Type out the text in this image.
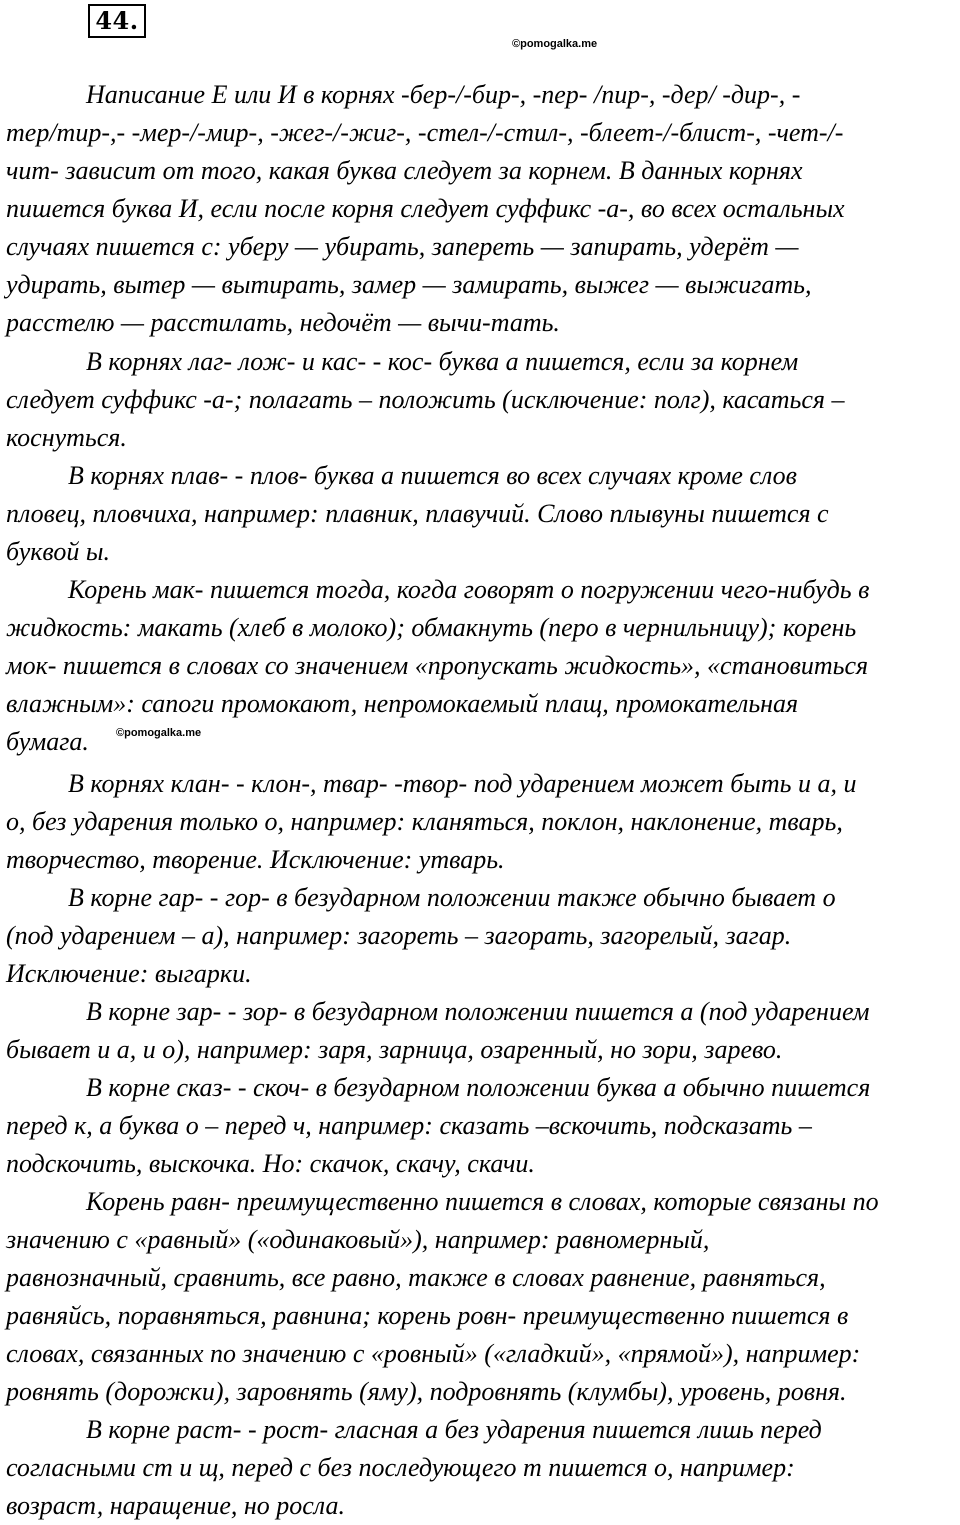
44.
©pomogalka.me

Написание Е или И в корнях -бер-/-бир-, -пер- /пир-, -дер/ -дир-, -
тер/тир-,- -мер-/-мир-, -жег-/-жиг-, -стел-/-стил-, -блеет-/-блист-, -чет-/-
чит- зависит от того, какая буква следует за корнем. В данных корнях
пишется буква И, если после корня следует суффикс -а-, во всех остальных
случаях пишется с: уберу — убирать, запереть — запирать, удерёт —
удирать, вытер — вытирать, замер — замирать, выжег — выжигать,
расстелю — расстилать, недочёт — вычи-тать.

В корнях лаг- лож- и кас- - кос- буква а пишется, если за корнем
следует суффикс -а-; полагать – положить (исключение: полг), касаться –
коснуться.

В корнях плав- - плов- буква а пишется во всех случаях кроме слов
пловец, пловчиха, например: плавник, плавучий. Слово плывуны пишется с
буквой ы.

Корень мак- пишется тогда, когда говорят о погружении чего-нибудь в
жидкость: макать (хлеб в молоко); обмакнуть (перо в чернильницу); корень
мок- пишется в словах со значением «пропускать жидкость», «становиться
влажным»: сапоги промокают, непромокаемый плащ, промокательная
бумага.	©pomogalka.me

В корнях клан- - клон-, твар- -твор- под ударением может быть и а, и
о, без ударения только о, например: кланяться, поклон, наклонение, тварь,
творчество, творение. Исключение: утварь.

В корне гар- - гор- в безударном положении также обычно бывает о
(под ударением – а), например: загореть – загорать, загорелый, загар.
Исключение: выгарки.

В корне зар- - зор- в безударном положении пишется а (под ударением
бывает и а, и о), например: заря, зарница, озаренный, но зори, зарево.

В корне сказ- - скоч- в безударном положении буква а обычно пишется
перед к, а буква о – перед ч, например: сказать –вскочить, подсказать –
подскочить, выскочка. Но: скачок, скачу, скачи.

Корень равн- преимущественно пишется в словах, которые связаны по
значению с «равный» («одинаковый»), например: равномерный,
равнозначный, сравнить, все равно, также в словах равнение, равняться,
равняйсь, поравняться, равнина; корень ровн- преимущественно пишется в
словах, связанных по значению с «ровный» («гладкий», «прямой»), например:
ровнять (дорожки), заровнять (яму), подровнять (клумбы), уровень, ровня.

В корне раст- - рост- гласная а без ударения пишется лишь перед
согласными ст и щ, перед с без последующего т пишется о, например:
возраст, наращение, но росла.
